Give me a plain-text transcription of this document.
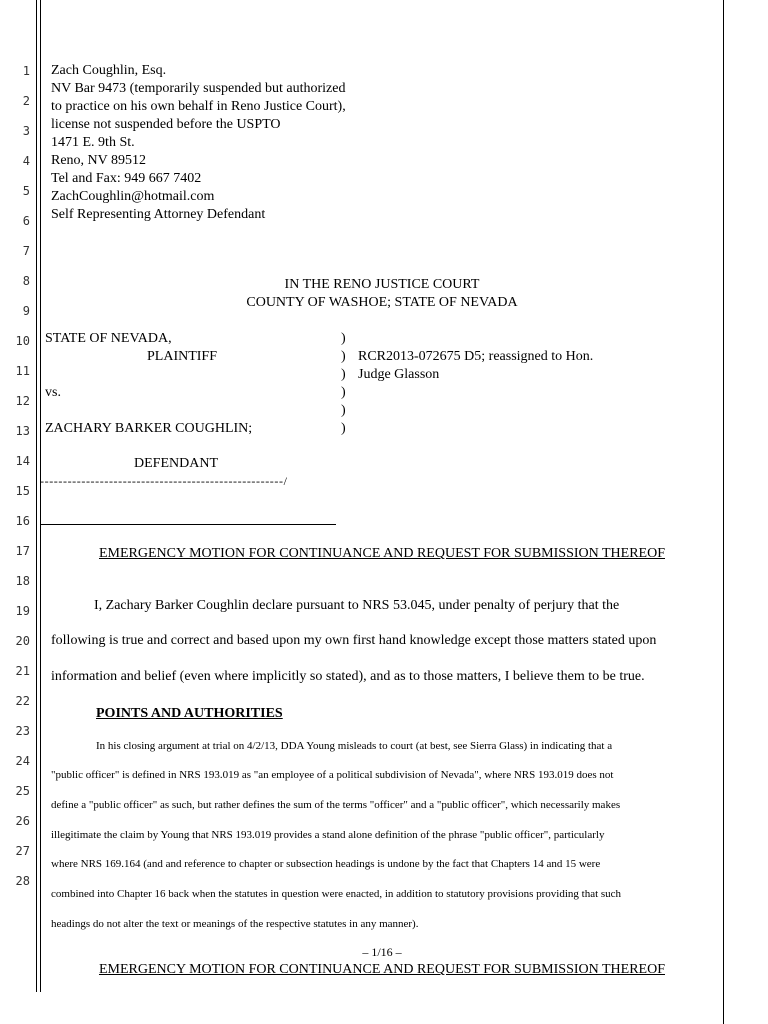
1
2
3
4
5
6
7
8
9
10
11
12
13
14
15
16
17
18
19
20
21
22
23
24
25
26
27
28
Zach Coughlin, Esq.
NV Bar 9473 (temporarily suspended but authorized
to practice on his own behalf in Reno Justice Court),
license not suspended before the USPTO
1471 E. 9th St.
Reno, NV 89512
Tel and Fax: 949 667 7402
ZachCoughlin@hotmail.com
Self Representing Attorney Defendant
IN THE RENO JUSTICE COURT
COUNTY OF WASHOE; STATE OF NEVADA
STATE OF NEVADA,
PLAINTIFF
vs.
ZACHARY BARKER COUGHLIN;
DEFENDANT
-----------------------------------------------------/
)
)
)
)
)
)
RCR2013-072675 D5; reassigned to Hon.
Judge Glasson
EMERGENCY MOTION FOR CONTINUANCE AND REQUEST FOR SUBMISSION THEREOF
I, Zachary Barker Coughlin declare pursuant to NRS 53.045, under penalty of perjury that the
following is true and correct and based upon my own first hand knowledge except those matters stated upon
information and belief (even where implicitly so stated), and as to those matters, I believe them to be true.
POINTS AND AUTHORITIES
In his closing argument at trial on 4/2/13, DDA Young misleads to court (at best, see Sierra Glass) in indicating that a
"public officer" is defined in NRS 193.019 as "an employee of a political subdivision of Nevada", where NRS 193.019 does not
define a "public officer" as such, but rather defines the sum of the terms "officer" and a "public officer", which necessarily makes
illegitimate the claim by Young that NRS 193.019 provides a stand alone definition of the phrase "public officer", particularly
where NRS 169.164 (and and reference to chapter or subsection headings is undone by the fact that Chapters 14 and 15 were
combined into Chapter 16 back when the statutes in question were enacted, in addition to statutory provisions providing that such
headings do not alter the text or meanings of the respective statutes in any manner).
– 1/16 –
EMERGENCY MOTION FOR CONTINUANCE AND REQUEST FOR SUBMISSION THEREOF
